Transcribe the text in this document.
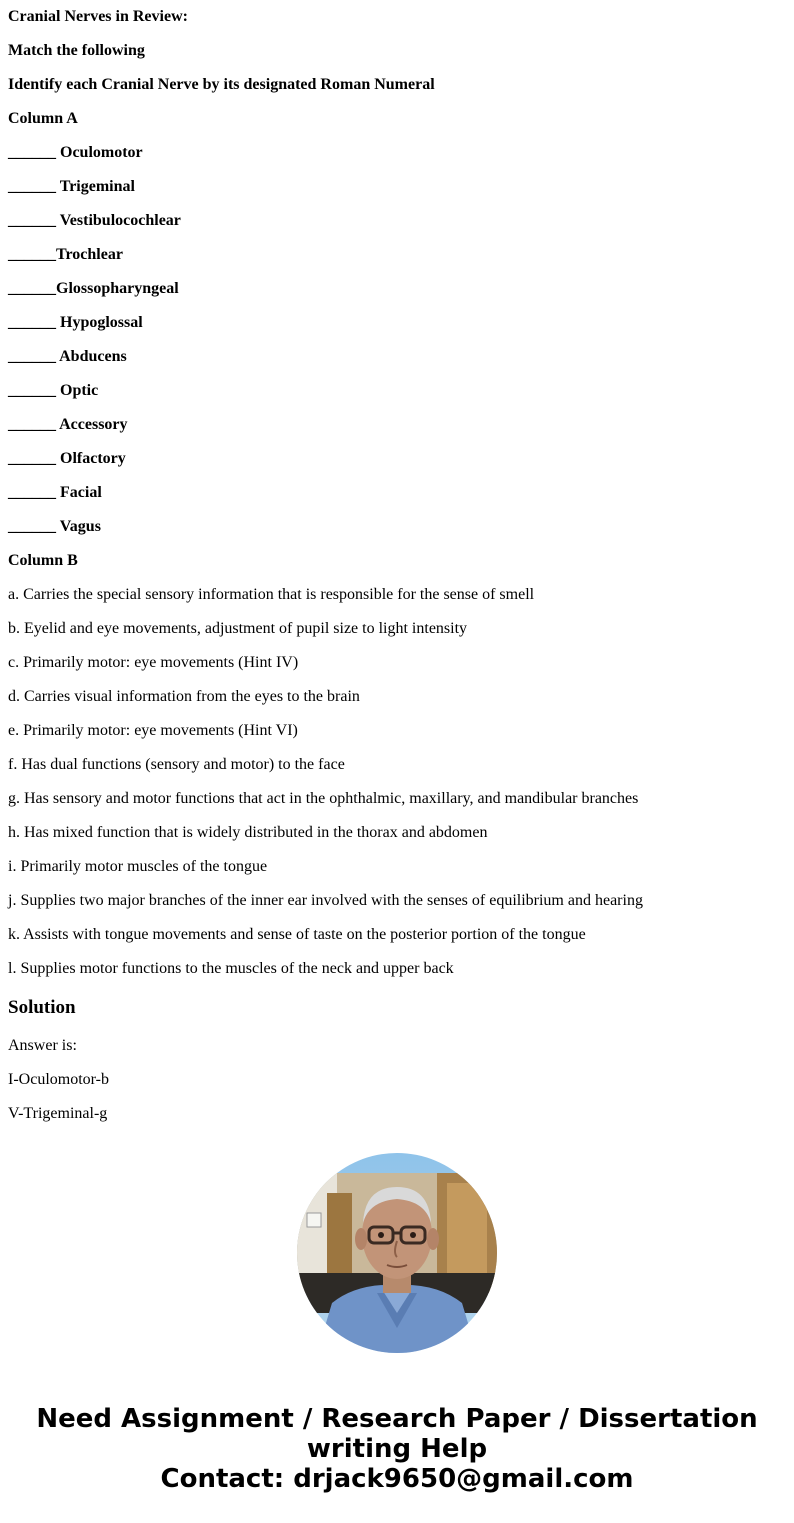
Cranial Nerves in Review:
Match the following
Identify each Cranial Nerve by its designated Roman Numeral
Column A
______ Oculomotor
______ Trigeminal
______ Vestibulocochlear
______Trochlear
______Glossopharyngeal
______ Hypoglossal
______ Abducens
______ Optic
______ Accessory
______ Olfactory
______ Facial
______ Vagus
Column B
a. Carries the special sensory information that is responsible for the sense of smell
b. Eyelid and eye movements, adjustment of pupil size to light intensity
c. Primarily motor: eye movements (Hint IV)
d. Carries visual information from the eyes to the brain
e. Primarily motor: eye movements (Hint VI)
f. Has dual functions (sensory and motor) to the face
g. Has sensory and motor functions that act in the ophthalmic, maxillary, and mandibular branches
h. Has mixed function that is widely distributed in the thorax and abdomen
i. Primarily motor muscles of the tongue
j. Supplies two major branches of the inner ear involved with the senses of equilibrium and hearing
k. Assists with tongue movements and sense of taste on the posterior portion of the tongue
l. Supplies motor functions to the muscles of the neck and upper back
Solution
Answer is:
I-Oculomotor-b
V-Trigeminal-g
Need Assignment / Research Paper / Dissertation
writing Help
Contact: drjack9650@gmail.com
